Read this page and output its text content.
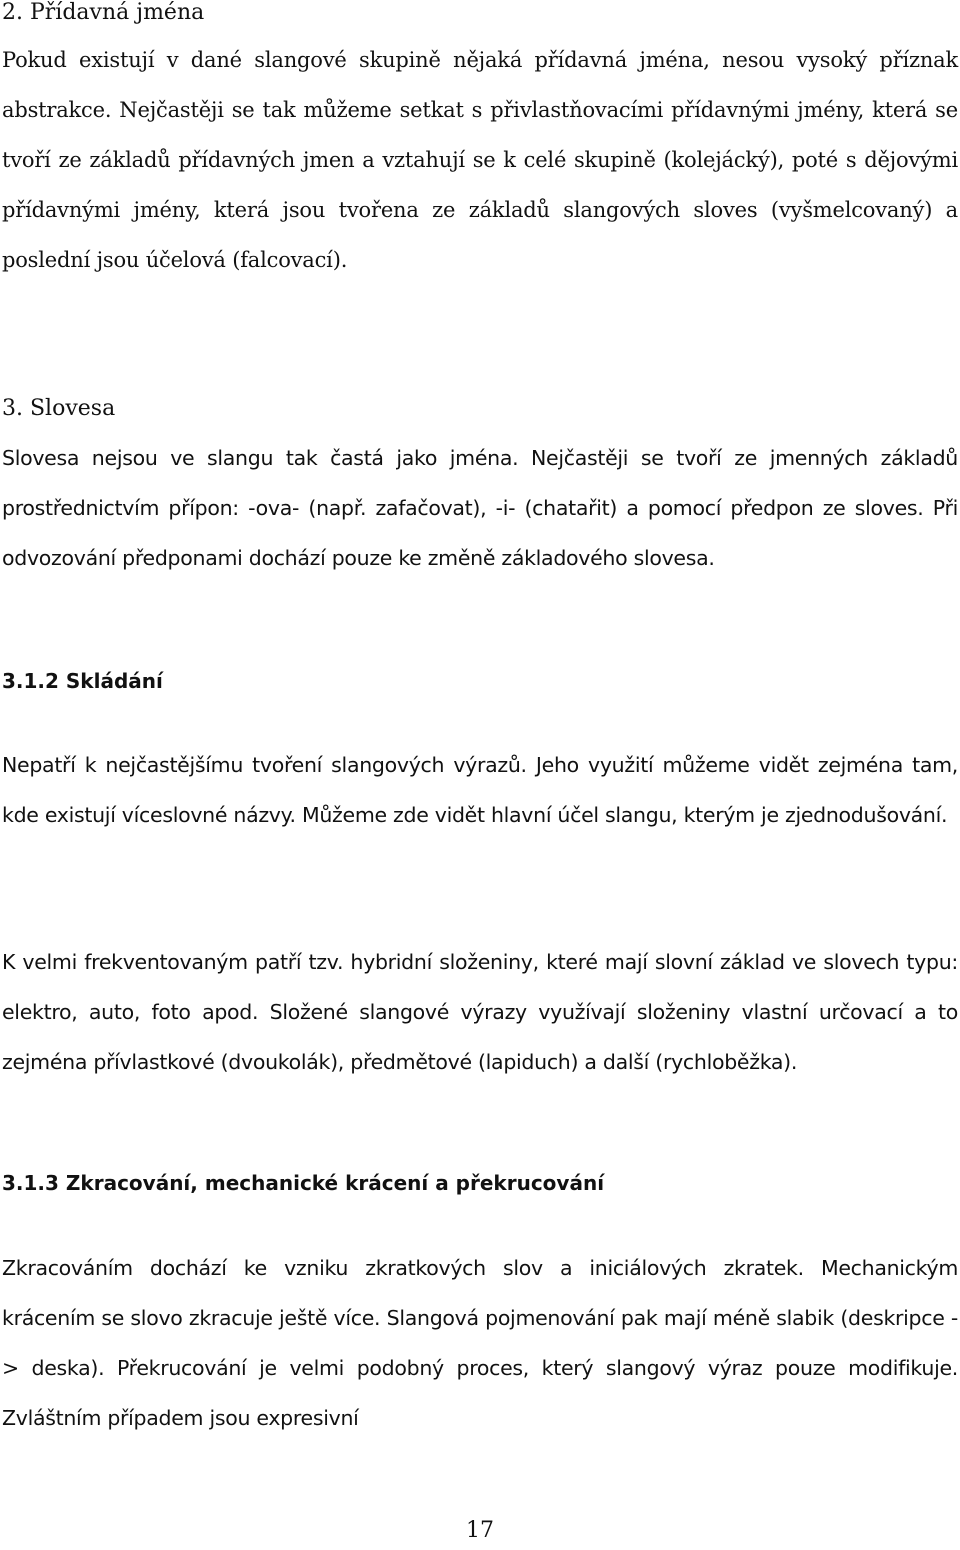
2. Přídavná jména

Pokud existují v dané slangové skupině nějaká přídavná jména, nesou vysoký příznak abstrakce. Nejčastěji se tak můžeme setkat s přivlastňovacími přídavnými jmény, která se tvoří ze základů přídavných jmen a vztahují se k celé skupině (kolejácký), poté s dějovými přídavnými jmény, která jsou tvořena ze základů slangových sloves (vyšmelcovaný) a poslední jsou účelová (falcovací).

3. Slovesa

Slovesa nejsou ve slangu tak častá jako jména. Nejčastěji se tvoří ze jmenných základů prostřednictvím přípon: -ova- (např. zafačovat), -i- (chatařit) a pomocí předpon ze sloves. Při odvozování předponami dochází pouze ke změně základového slovesa.

3.1.2 Skládání

Nepatří k nejčastějšímu tvoření slangových výrazů. Jeho využití můžeme vidět zejména tam, kde existují víceslovné názvy. Můžeme zde vidět hlavní účel slangu, kterým je zjednodušování.

K velmi frekventovaným patří tzv. hybridní složeniny, které mají slovní základ ve slovech typu: elektro, auto, foto apod. Složené slangové výrazy využívají složeniny vlastní určovací a to zejména přívlastkové (dvoukolák), předmětové (lapiduch) a další (rychloběžka).

3.1.3 Zkracování, mechanické krácení a překrucování

Zkracováním dochází ke vzniku zkratkových slov a iniciálových zkratek. Mechanickým krácením se slovo zkracuje ještě více. Slangová pojmenování pak mají méně slabik (deskripce -> deska). Překrucování je velmi podobný proces, který slangový výraz pouze modifikuje. Zvláštním případem jsou expresivní

17
